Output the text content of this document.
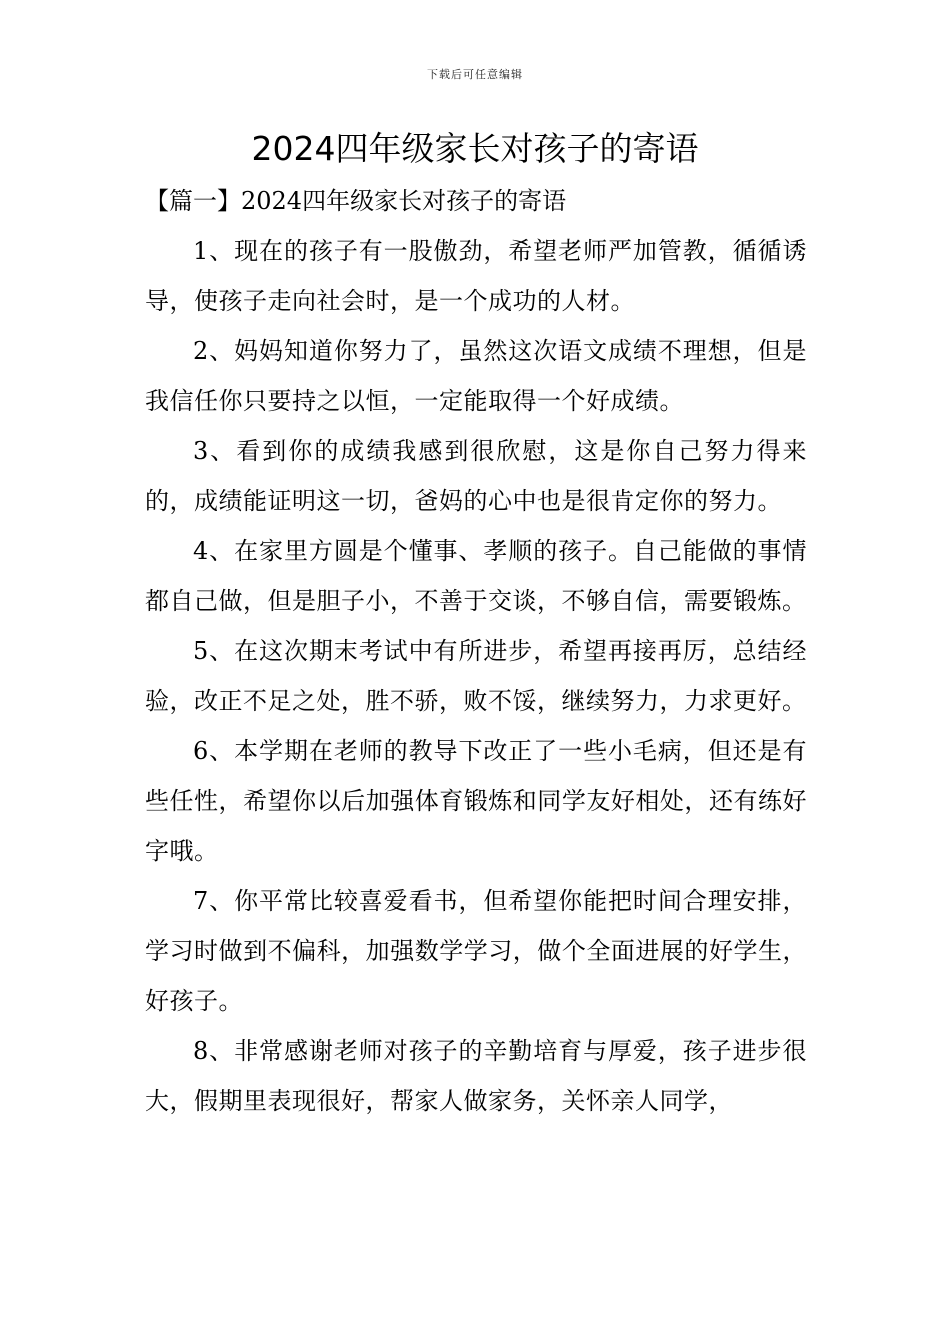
下载后可任意编辑
2024四年级家长对孩子的寄语

【篇一】2024四年级家长对孩子的寄语

1、现在的孩子有一股傲劲，希望老师严加管教，循循诱导，使孩子走向社会时，是一个成功的人材。

2、妈妈知道你努力了，虽然这次语文成绩不理想，但是我信任你只要持之以恒，一定能取得一个好成绩。

3、看到你的成绩我感到很欣慰，这是你自己努力得来的，成绩能证明这一切，爸妈的心中也是很肯定你的努力。

4、在家里方圆是个懂事、孝顺的孩子。自己能做的事情都自己做，但是胆子小，不善于交谈，不够自信，需要锻炼。

5、在这次期末考试中有所进步，希望再接再厉，总结经验，改正不足之处，胜不骄，败不馁，继续努力，力求更好。

6、本学期在老师的教导下改正了一些小毛病，但还是有些任性，希望你以后加强体育锻炼和同学友好相处，还有练好字哦。

7、你平常比较喜爱看书，但希望你能把时间合理安排，学习时做到不偏科，加强数学学习，做个全面进展的好学生，好孩子。

8、非常感谢老师对孩子的辛勤培育与厚爱，孩子进步很大，假期里表现很好，帮家人做家务，关怀亲人同学，
